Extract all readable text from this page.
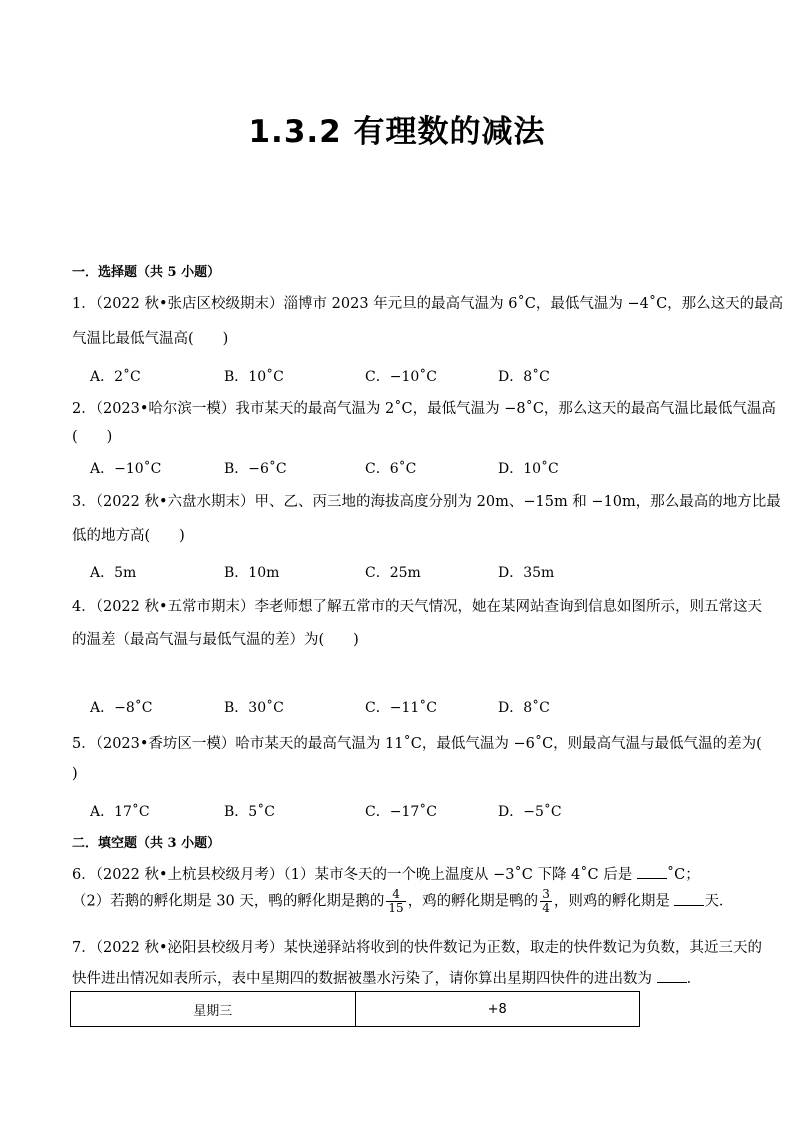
1.3.2 有理数的减法
一．选择题（共 5 小题）
1．（2022 秋•张店区校级期末）淄博市 2023 年元旦的最高气温为 6˚C，最低气温为 −4˚C，那么这天的最高
气温比最低气温高(　　)
A．2˚C	B．10˚C	C．−10˚C	D．8˚C
2．（2023•哈尔滨一模）我市某天的最高气温为 2˚C，最低气温为 −8˚C，那么这天的最高气温比最低气温高
(　　)
A．−10˚C	B．−6˚C	C．6˚C	D．10˚C
3．（2022 秋•六盘水期末）甲、乙、丙三地的海拔高度分别为 20m、−15m 和 −10m，那么最高的地方比最
低的地方高(　　)
A．5m	B．10m	C．25m	D．35m
4．（2022 秋•五常市期末）李老师想了解五常市的天气情况，她在某网站查询到信息如图所示，则五常这天
的温差（最高气温与最低气温的差）为(　　)
A．−8˚C	B．30˚C	C．−11˚C	D．8˚C
5．（2023•香坊区一模）哈市某天的最高气温为 11˚C，最低气温为 −6˚C，则最高气温与最低气温的差为(
)
A．17˚C	B．5˚C	C．−17˚C	D．−5˚C
二．填空题（共 3 小题）
6．（2022 秋•上杭县校级月考）（1）某市冬天的一个晚上温度从 −3˚C 下降 4˚C 后是 ˚C；
（2）若鹅的孵化期是 30 天，鸭的孵化期是鹅的 $\frac{4}{15}$ ，鸡的孵化期是鸭的 $\frac{3}{4}$ ，则鸡的孵化期是 天．
7．（2022 秋•泌阳县校级月考）某快递驿站将收到的快件数记为正数，取走的快件数记为负数，其近三天的
快件进出情况如表所示，表中星期四的数据被墨水污染了，请你算出星期四快件的进出数为 ．
星期三	+8
